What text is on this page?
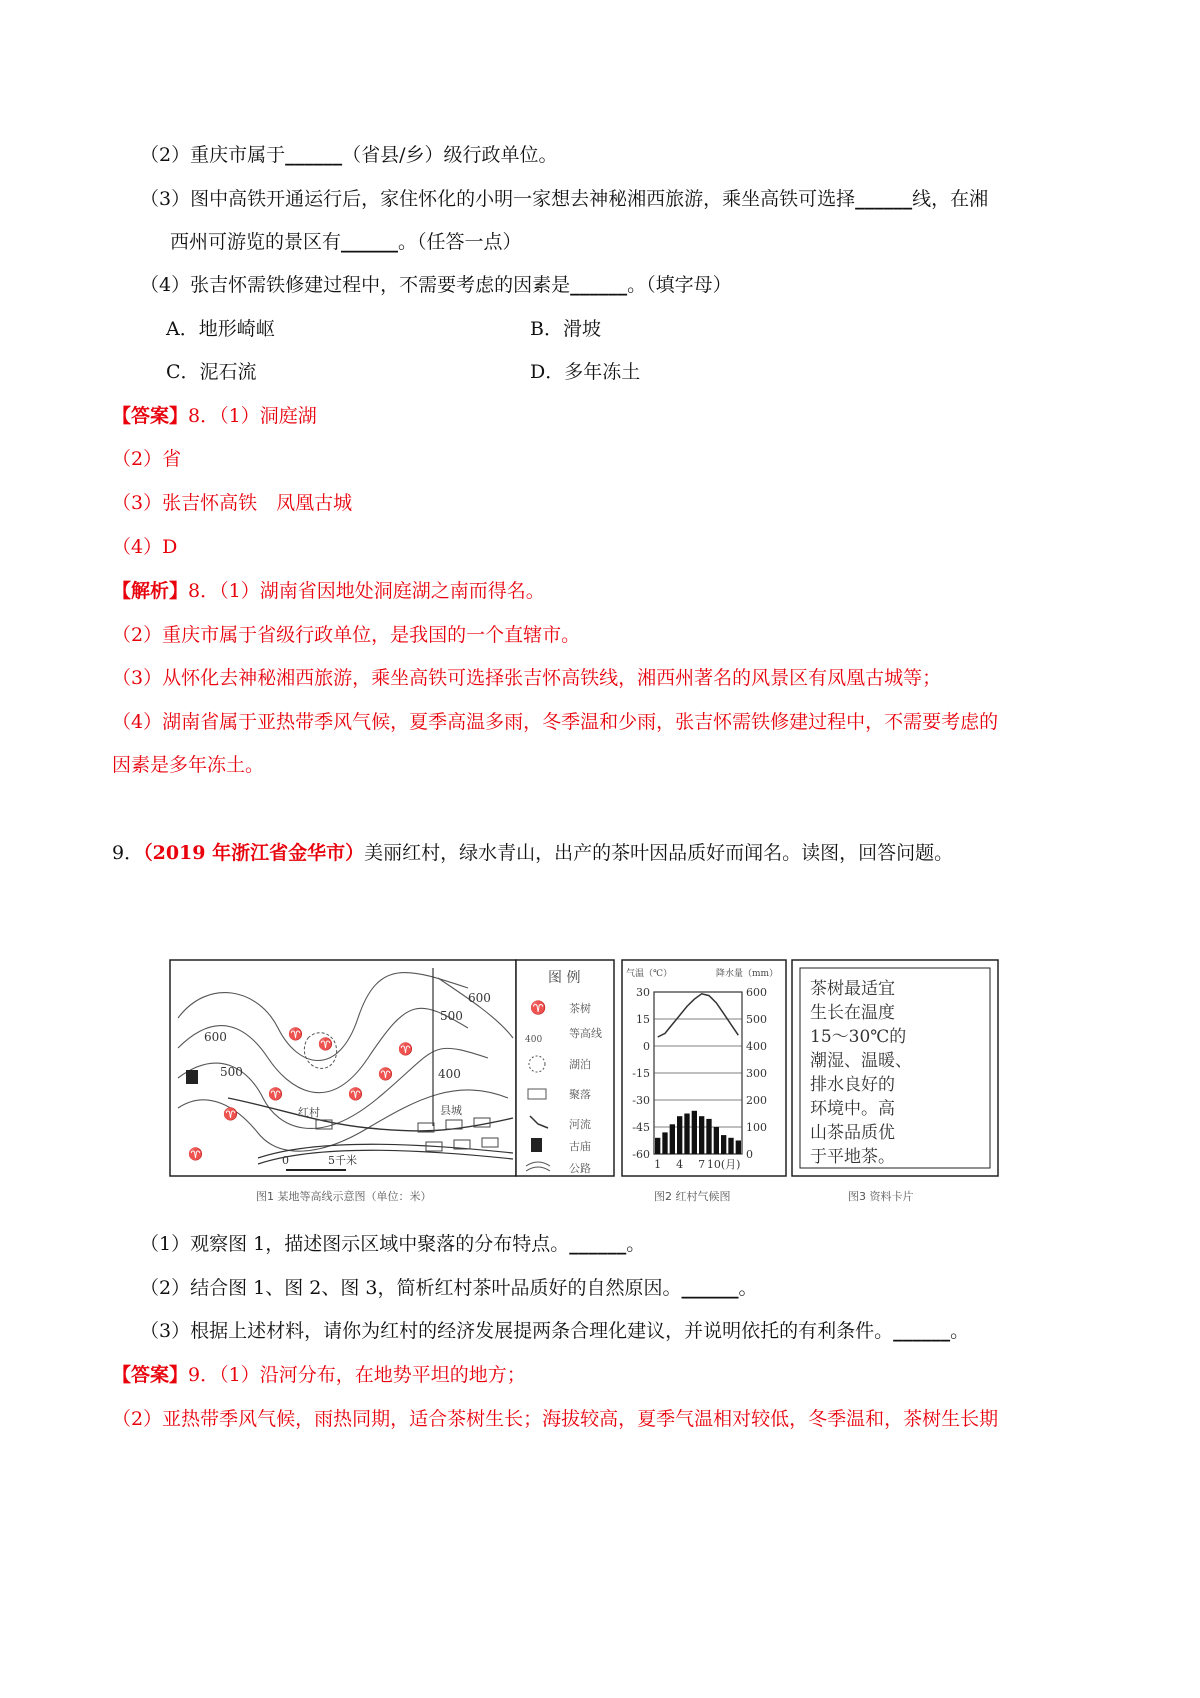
（2）重庆市属于______（省县/乡）级行政单位。
（3）图中高铁开通运行后，家住怀化的小明一家想去神秘湘西旅游，乘坐高铁可选择______线，在湘
西州可游览的景区有______。（任答一点）
（4）张吉怀需铁修建过程中，不需要考虑的因素是______。（填字母）
A．地形崎岖	B．滑坡
C．泥石流	D．多年冻土
【答案】8．（1）洞庭湖
（2）省
（3）张吉怀高铁　凤凰古城
（4）D
【解析】8．（1）湖南省因地处洞庭湖之南而得名。
（2）重庆市属于省级行政单位，是我国的一个直辖市。
（3）从怀化去神秘湘西旅游，乘坐高铁可选择张吉怀高铁线，湘西州著名的风景区有凤凰古城等；
（4）湖南省属于亚热带季风气候，夏季高温多雨，冬季温和少雨，张吉怀需铁修建过程中，不需要考虑的
因素是多年冻土。
9．（2019 年浙江省金华市）美丽红村，绿水青山，出产的茶叶因品质好而闻名。读图，回答问题。
600
500	400
500
600
♈
♈
♈
♈
♈
♈
♈
♈
红村	县城
0	5千米
图 例
♈ 茶树
400 等高线
湖泊
聚落
河流
古庙
公路
气温（℃）	降水量（mm）
30
15
0
-15
-30
-45
-60
600
500
400
300
200
100
0
1 4 7 10(月)
茶树最适宜
生长在温度
15～30℃的
潮湿、温暖、
排水良好的
环境中。高
山茶品质优
于平地茶。
图1 某地等高线示意图（单位：米）	图2 红村气候图	图3 资料卡片
（1）观察图 1，描述图示区域中聚落的分布特点。______。
（2）结合图 1、图 2、图 3，简析红村茶叶品质好的自然原因。______。
（3）根据上述材料，请你为红村的经济发展提两条合理化建议，并说明依托的有利条件。______。
【答案】9．（1）沿河分布，在地势平坦的地方；
（2）亚热带季风气候，雨热同期，适合茶树生长；海拔较高，夏季气温相对较低，冬季温和，茶树生长期
